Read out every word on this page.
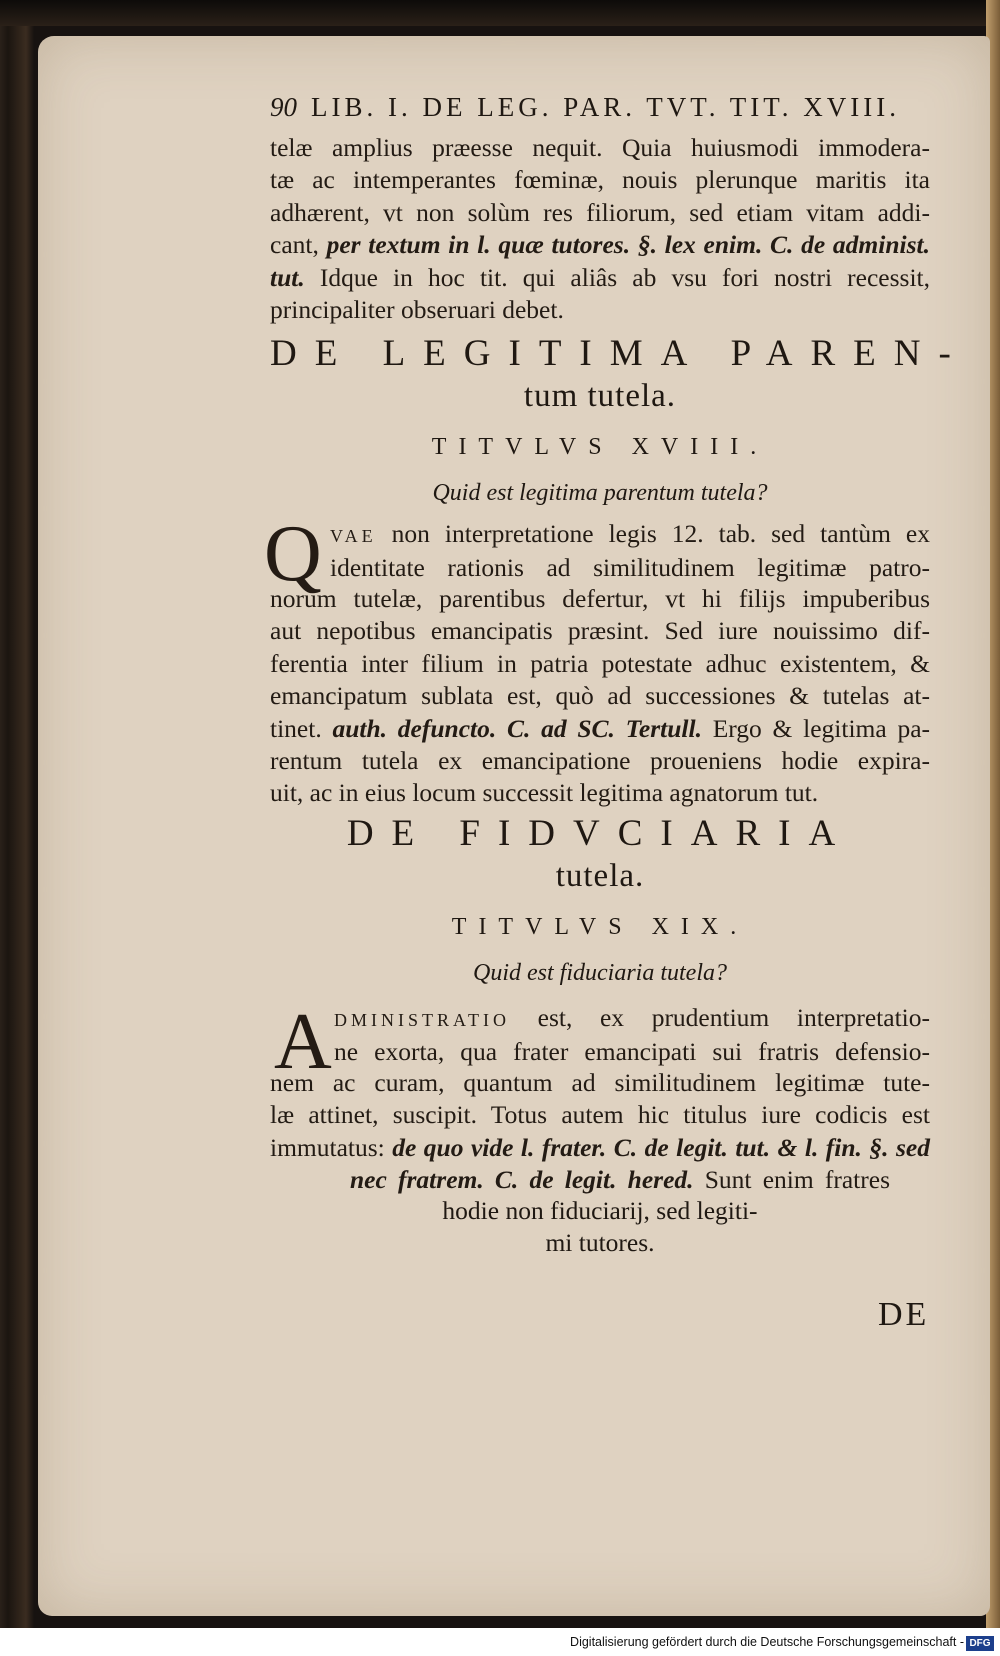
90 LIB. I. DE LEG. PAR. TVT. TIT. XVIII.
telæ amplius præesse nequit. Quia huiusmodi immodera-
tæ ac intemperantes fœminæ, nouis plerunque maritis ita
adhærent, vt non solùm res filiorum, sed etiam vitam addi-
cant, per textum in l. quæ tutores. §. lex enim. C. de administ.
tut. Idque in hoc tit. qui aliâs ab vsu fori nostri recessit,
principaliter obseruari debet.
DE LEGITIMA PAREN-
tum tutela.
TITVLVS XVIII.
Quid est legitima parentum tutela?
Q VAE non interpretatione legis 12. tab. sed tantùm ex
identitate rationis ad similitudinem legitimæ patro-
norum tutelæ, parentibus defertur, vt hi filijs impuberibus
aut nepotibus emancipatis præsint. Sed iure nouissimo dif-
ferentia inter filium in patria potestate adhuc existentem, &
emancipatum sublata est, quò ad successiones & tutelas at-
tinet. auth. defuncto. C. ad SC. Tertull. Ergo & legitima pa-
rentum tutela ex emancipatione proueniens hodie expira-
uit, ac in eius locum successit legitima agnatorum tut.
DE FIDVCIARIA
tutela.
TITVLVS XIX.
Quid est fiduciaria tutela?
A DMINISTRATIO est, ex prudentium interpretatio-
ne exorta, qua frater emancipati sui fratris defensio-
nem ac curam, quantum ad similitudinem legitimæ tute-
læ attinet, suscipit. Totus autem hic titulus iure codicis est
immutatus: de quo vide l. frater. C. de legit. tut. & l. fin. §. sed
nec fratrem. C. de legit. hered. Sunt enim fratres
hodie non fiduciarij, sed legiti-
mi tutores.
DE
Digitalisierung gefördert durch die Deutsche Forschungsgemeinschaft - DFG
